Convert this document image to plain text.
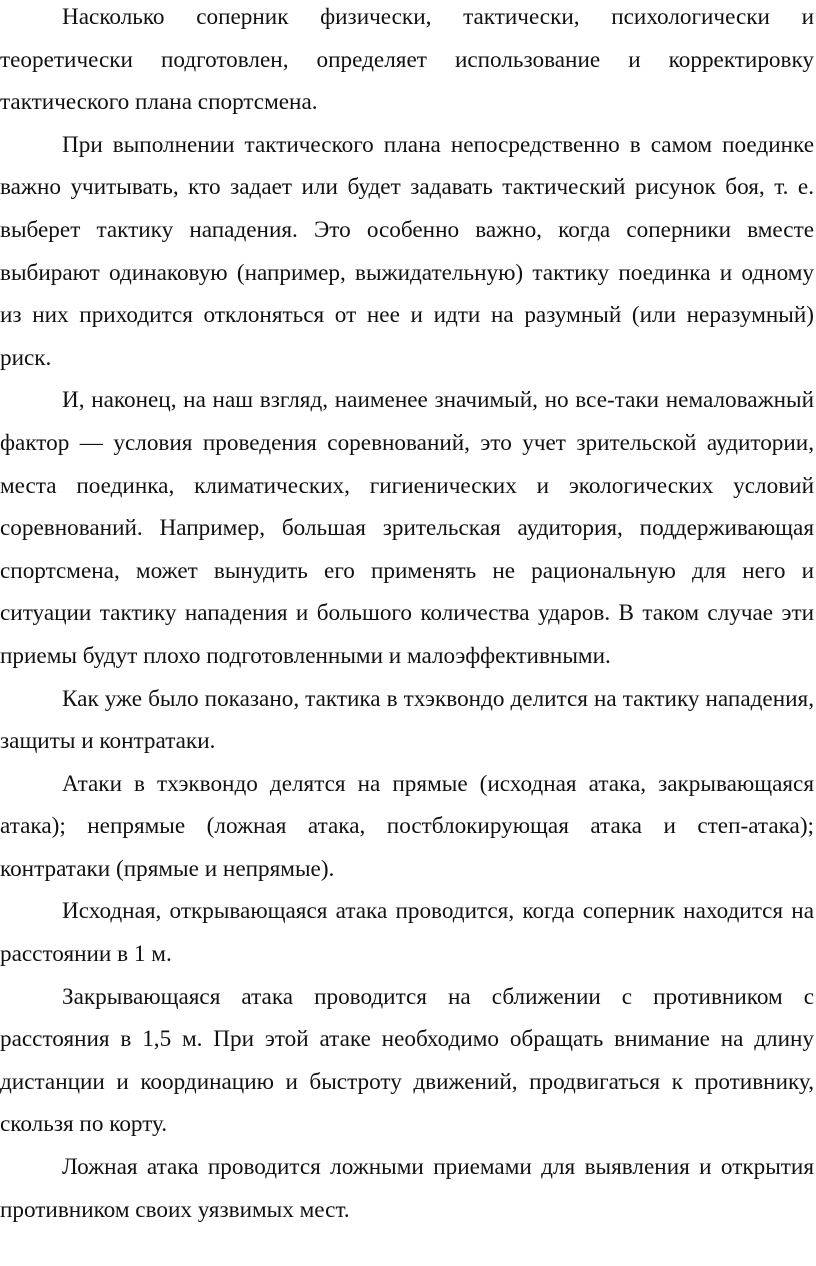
Насколько соперник физически, тактически, психологически и теоретически подготовлен, определяет использование и корректировку тактического плана спортсмена.

При выполнении тактического плана непосредственно в самом поединке важно учитывать, кто задает или будет задавать тактический рисунок боя, т. е. выберет тактику нападения. Это особенно важно, когда соперники вместе выбирают одинаковую (например, выжидательную) тактику поединка и одному из них приходится отклоняться от нее и идти на разумный (или неразумный) риск.

И, наконец, на наш взгляд, наименее значимый, но все-таки немаловажный фактор — условия проведения соревнований, это учет зрительской аудитории, места поединка, климатических, гигиенических и экологических условий соревнований. Например, большая зрительская аудитория, поддерживающая спортсмена, может вынудить его применять не рациональную для него и ситуации тактику нападения и большого количества ударов. В таком случае эти приемы будут плохо подготовленными и малоэффективными.

Как уже было показано, тактика в тхэквондо делится на тактику нападения, защиты и контратаки.

Атаки в тхэквондо делятся на прямые (исходная атака, закрывающаяся атака); непрямые (ложная атака, постблокирующая атака и степ-атака); контратаки (прямые и непрямые).

Исходная, открывающаяся атака проводится, когда соперник находится на расстоянии в 1 м.

Закрывающаяся атака проводится на сближении с противником с расстояния в 1,5 м. При этой атаке необходимо обращать внимание на длину дистанции и координацию и быстроту движений, продвигаться к противнику, скользя по корту.

Ложная атака проводится ложными приемами для выявления и открытия противником своих уязвимых мест.
